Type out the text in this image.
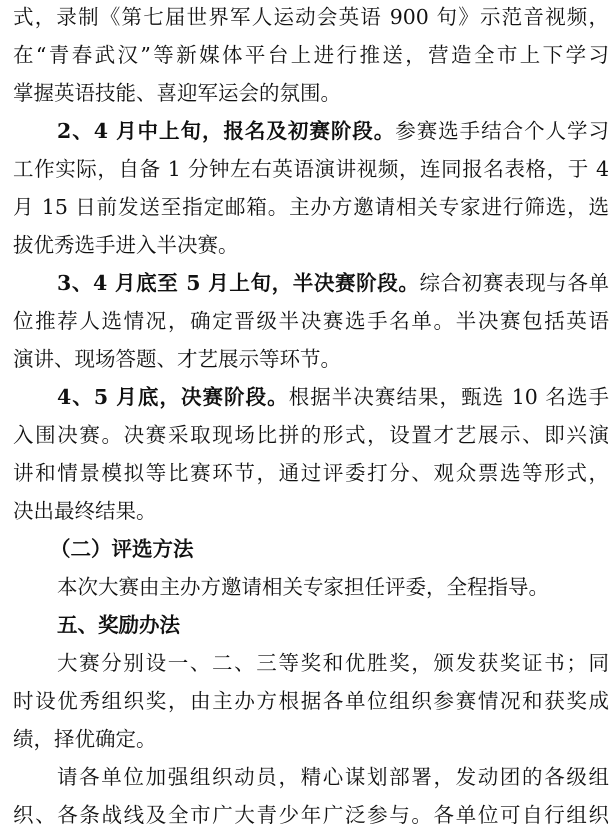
式，录制《第七届世界军人运动会英语 900 句》示范音视频，
在“青春武汉”等新媒体平台上进行推送，营造全市上下学习
掌握英语技能、喜迎军运会的氛围。
2、4 月中上旬，报名及初赛阶段。参赛选手结合个人学习
工作实际，自备 1 分钟左右英语演讲视频，连同报名表格，于 4
月 15 日前发送至指定邮箱。主办方邀请相关专家进行筛选，选
拔优秀选手进入半决赛。
3、4 月底至 5 月上旬，半决赛阶段。综合初赛表现与各单
位推荐人选情况，确定晋级半决赛选手名单。半决赛包括英语
演讲、现场答题、才艺展示等环节。
4、5 月底，决赛阶段。根据半决赛结果，甄选 10 名选手
入围决赛。决赛采取现场比拼的形式，设置才艺展示、即兴演
讲和情景模拟等比赛环节，通过评委打分、观众票选等形式，
决出最终结果。
（二）评选方法
本次大赛由主办方邀请相关专家担任评委，全程指导。
五、奖励办法
大赛分别设一、二、三等奖和优胜奖，颁发获奖证书；同
时设优秀组织奖，由主办方根据各单位组织参赛情况和获奖成
绩，择优确定。
请各单位加强组织动员，精心谋划部署，发动团的各级组
织、各条战线及全市广大青少年广泛参与。各单位可自行组织
